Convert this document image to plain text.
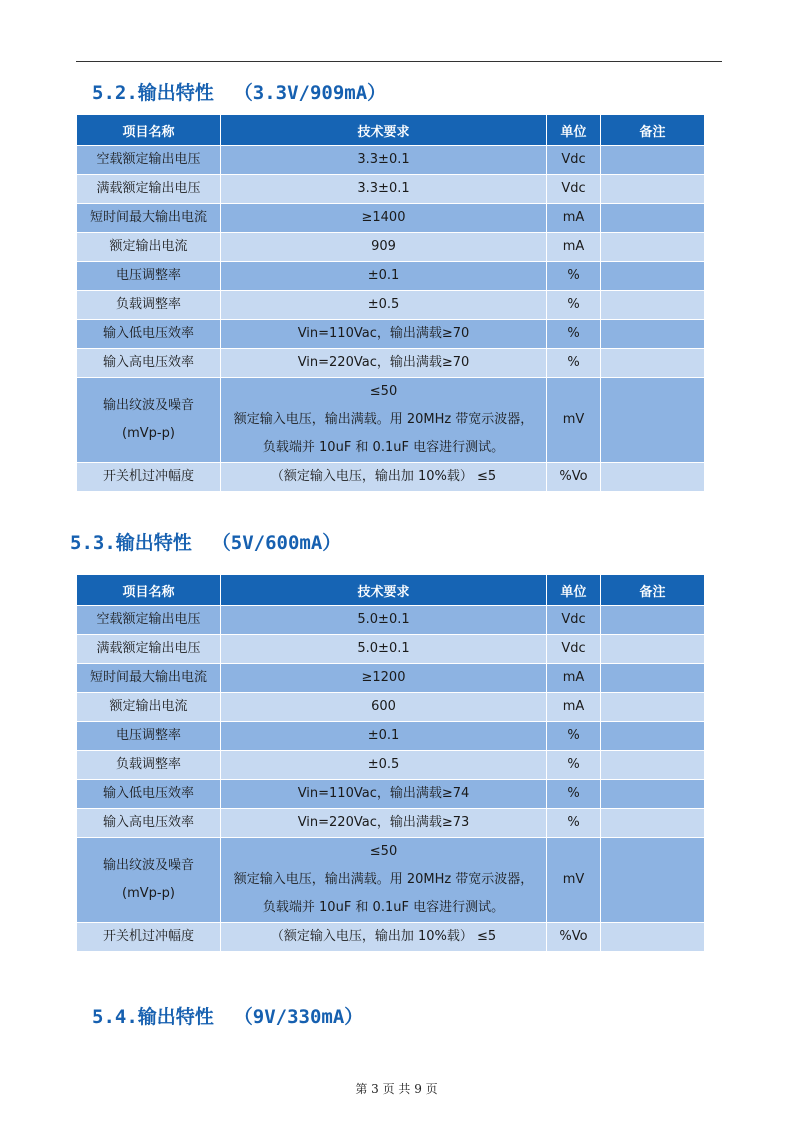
5.2.输出特性 （3.3V/909mA）
项目名称	技术要求	单位	备注
空载额定输出电压	3.3±0.1	Vdc	
满载额定输出电压	3.3±0.1	Vdc	
短时间最大输出电流	≥1400	mA	
额定输出电流	909	mA	
电压调整率	±0.1	%	
负载调整率	±0.5	%	
输入低电压效率	Vin=110Vac，输出满载≥70	%	
输入高电压效率	Vin=220Vac，输出满载≥70	%	

输出纹波及噪音
(mVp-p)	≤50
额定输入电压，输出满载。用 20MHz 带宽示波器，
负载端并 10uF 和 0.1uF 电容进行测试。	mV	
开关机过冲幅度	（额定输入电压，输出加 10%载） ≤5	%Vo	
5.3.输出特性 （5V/600mA）
项目名称	技术要求	单位	备注
空载额定输出电压	5.0±0.1	Vdc	
满载额定输出电压	5.0±0.1	Vdc	
短时间最大输出电流	≥1200	mA	
额定输出电流	600	mA	
电压调整率	±0.1	%	
负载调整率	±0.5	%	
输入低电压效率	Vin=110Vac，输出满载≥74	%	
输入高电压效率	Vin=220Vac，输出满载≥73	%	

输出纹波及噪音
(mVp-p)	≤50
额定输入电压，输出满载。用 20MHz 带宽示波器，
负载端并 10uF 和 0.1uF 电容进行测试。	mV	
开关机过冲幅度	（额定输入电压，输出加 10%载） ≤5	%Vo	
5.4.输出特性 （9V/330mA）
第 3 页 共 9 页
